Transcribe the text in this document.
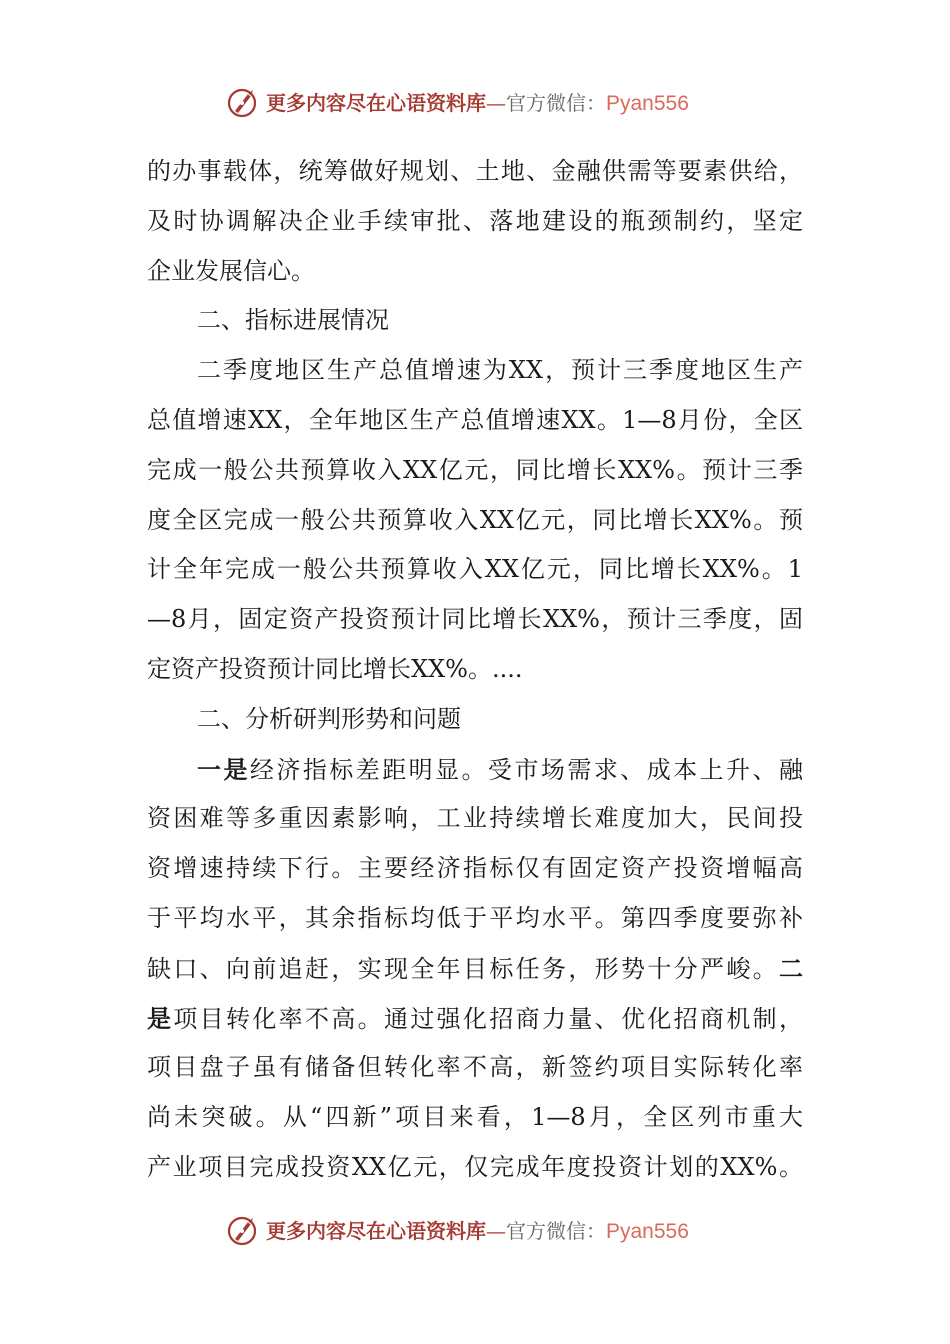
更多内容尽在心语资料库—官方微信：Pyan556
的办事载体，统筹做好规划、土地、金融供需等要素供给，
及时协调解决企业手续审批、落地建设的瓶颈制约，坚定
企业发展信心。
二、指标进展情况
二季度地区生产总值增速为XX，预计三季度地区生产
总值增速XX，全年地区生产总值增速XX。1—8月份，全区
完成一般公共预算收入XX亿元，同比增长XX%。预计三季
度全区完成一般公共预算收入XX亿元，同比增长XX%。预
计全年完成一般公共预算收入XX亿元，同比增长XX%。1
—8月，固定资产投资预计同比增长XX%，预计三季度，固
定资产投资预计同比增长XX%。....
二、分析研判形势和问题
一是经济指标差距明显。受市场需求、成本上升、融
资困难等多重因素影响，工业持续增长难度加大，民间投
资增速持续下行。主要经济指标仅有固定资产投资增幅高
于平均水平，其余指标均低于平均水平。第四季度要弥补
缺口、向前追赶，实现全年目标任务，形势十分严峻。二
是项目转化率不高。通过强化招商力量、优化招商机制，
项目盘子虽有储备但转化率不高，新签约项目实际转化率
尚未突破。从“四新”项目来看，1—8月，全区列市重大
产业项目完成投资XX亿元，仅完成年度投资计划的XX%。
更多内容尽在心语资料库—官方微信：Pyan556
